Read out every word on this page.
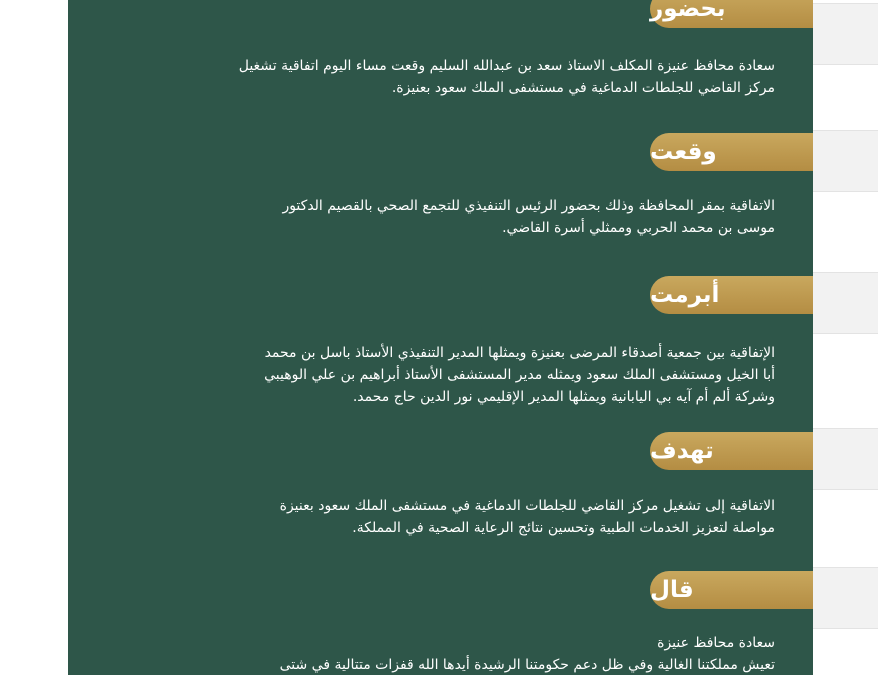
بحضور

سعادة محافظ عنيزة المكلف الاستاذ سعد بن عبدالله السليم وقعت مساء اليوم اتفاقية تشغيل
مركز القاضي للجلطات الدماغية في مستشفى الملك سعود بعنيزة.

وقعت

الاتفاقية بمقر المحافظة وذلك بحضور الرئيس التنفيذي للتجمع الصحي بالقصيم الدكتور
موسى بن محمد الحربي وممثلي أسرة القاضي.

أبرمت

الإتفاقية بين جمعية أصدقاء المرضى بعنيزة ويمثلها المدير التنفيذي الأستاذ باسل بن محمد
أبا الخيل ومستشفى الملك سعود ويمثله مدير المستشفى الأستاذ أبراهيم بن علي الوهيبي
وشركة ألم أم آيه بي اليابانية ويمثلها المدير الإقليمي نور الدين حاج محمد.

تهدف

الاتفاقية إلى تشغيل مركز القاضي للجلطات الدماغية في مستشفى الملك سعود بعنيزة
مواصلة لتعزيز الخدمات الطبية وتحسين نتائج الرعاية الصحية في المملكة.

قال

سعادة محافظ عنيزة
تعيش مملكتنا الغالية وفي ظل دعم حكومتنا الرشيدة أيدها الله قفزات متتالية في شتى
